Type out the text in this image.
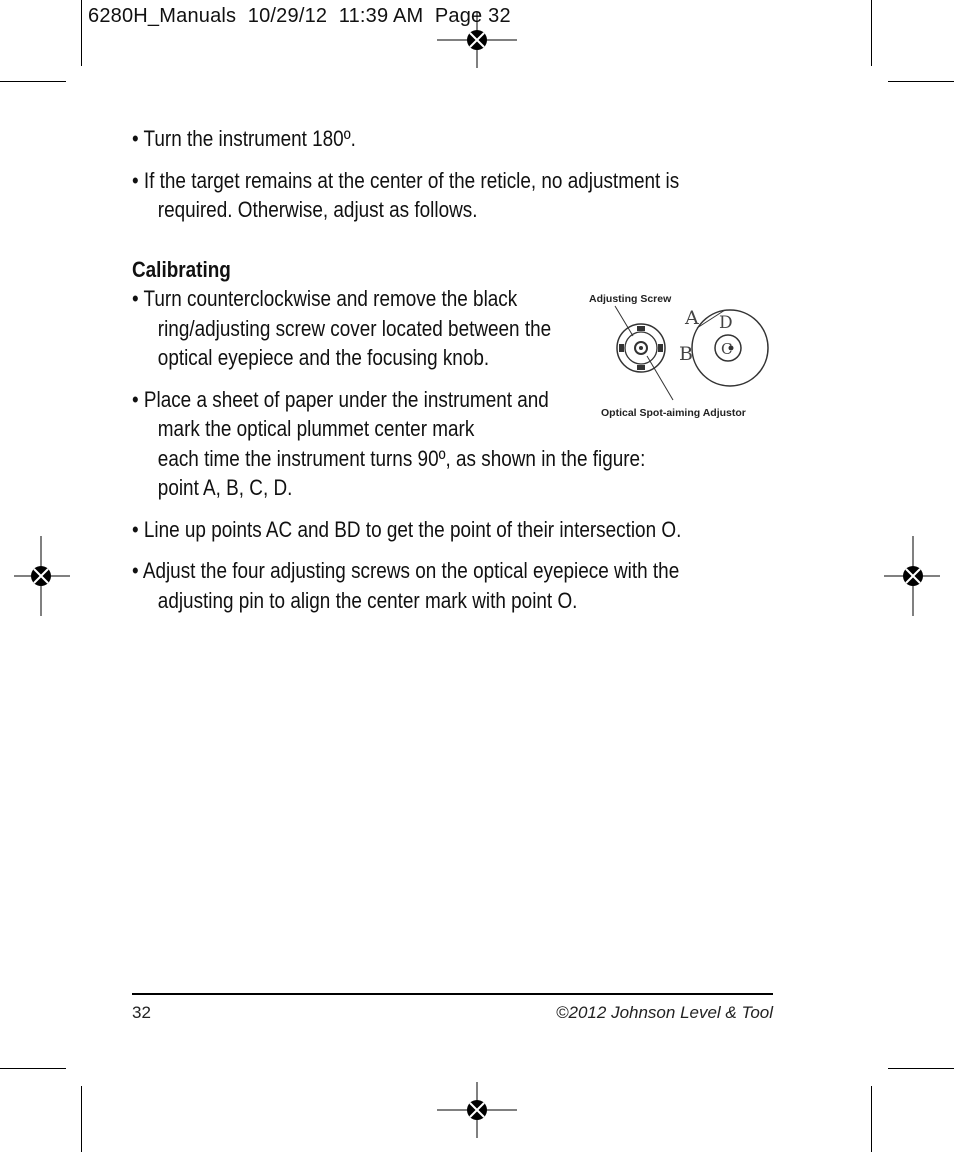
6280H_Manuals  10/29/12  11:39 AM  Page 32

• Turn the instrument 180º.

• If the target remains at the center of the reticle, no adjustment is required. Otherwise, adjust as follows.

Calibrating

• Turn counterclockwise and remove the black ring/adjusting screw cover located between the optical eyepiece and the focusing knob.

• Place a sheet of paper under the instrument and mark the optical plummet center mark

each time the instrument turns 90º, as shown in the figure: point A, B, C, D.

• Line up points AC and BD to get the point of their intersection O.

• Adjust the four adjusting screws on the optical eyepiece with the adjusting pin to align the center mark with point O.

Adjusting Screw
A
B C
D
Optical Spot-aiming Adjustor
32	©2012 Johnson Level & Tool
